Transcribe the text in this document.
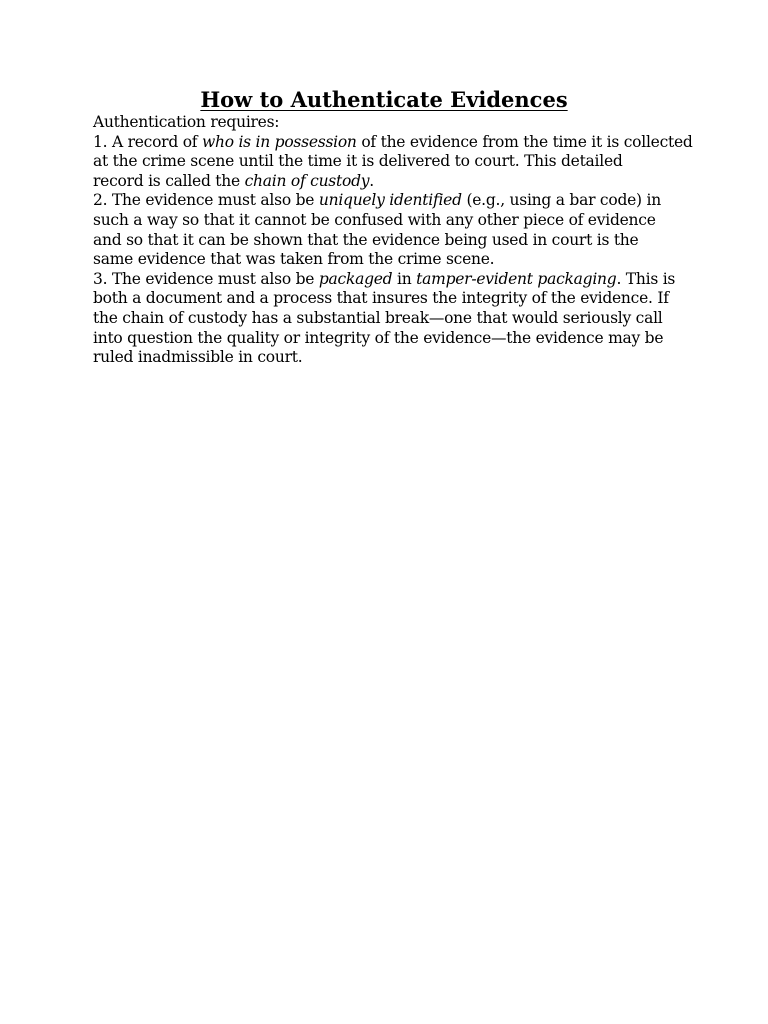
How to Authenticate Evidences
Authentication requires:
1. A record of who is in possession of the evidence from the time it is collected
at the crime scene until the time it is delivered to court. This detailed
record is called the chain of custody.
2. The evidence must also be uniquely identified (e.g., using a bar code) in
such a way so that it cannot be confused with any other piece of evidence
and so that it can be shown that the evidence being used in court is the
same evidence that was taken from the crime scene.
3. The evidence must also be packaged in tamper-evident packaging. This is
both a document and a process that insures the integrity of the evidence. If
the chain of custody has a substantial break—one that would seriously call
into question the quality or integrity of the evidence—the evidence may be
ruled inadmissible in court.
